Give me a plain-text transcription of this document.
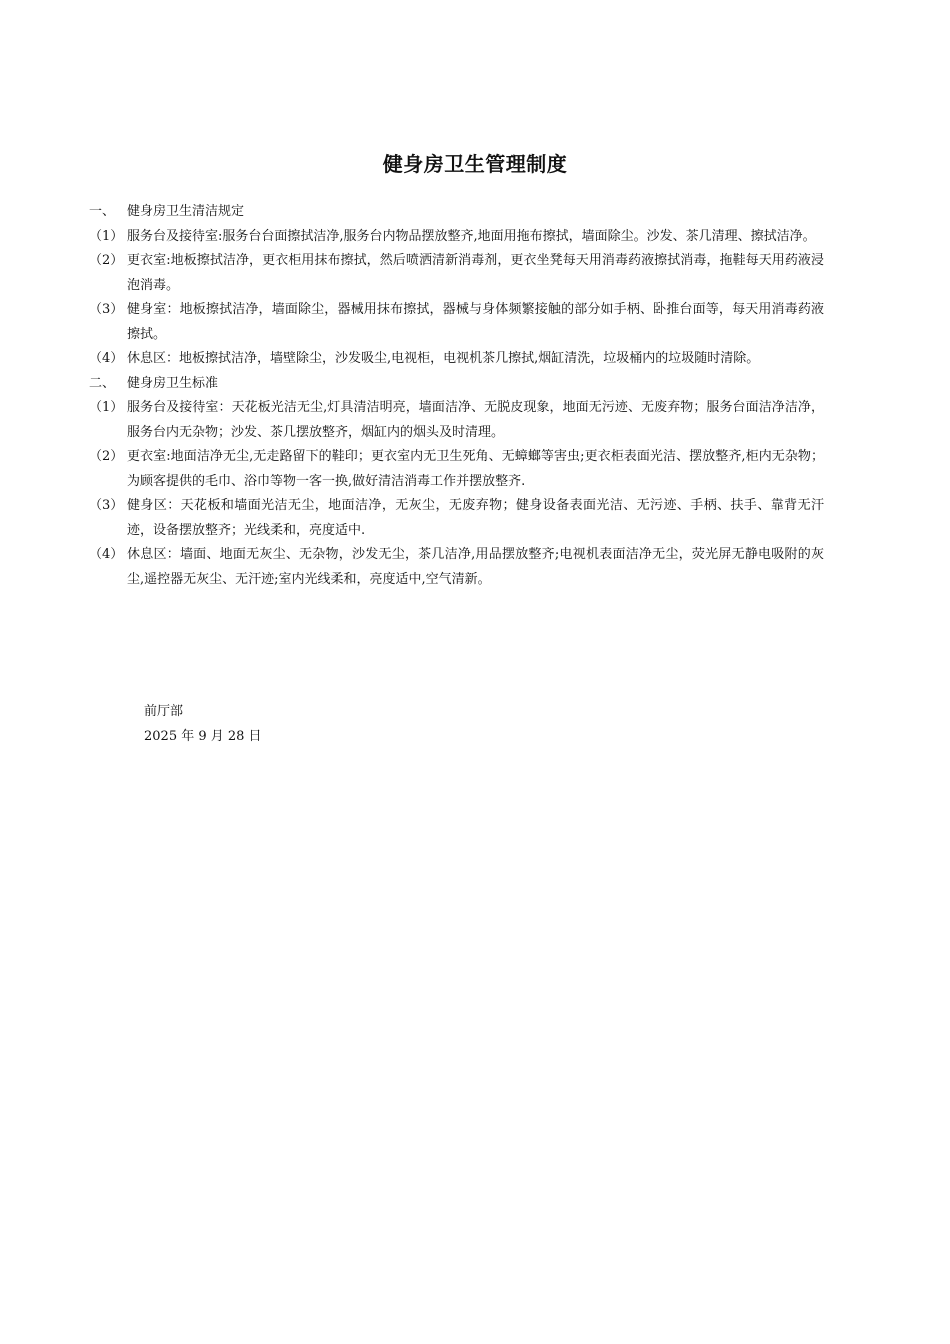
健身房卫生管理制度
一、 健身房卫生清洁规定
（1） 服务台及接待室:服务台台面擦拭洁净,服务台内物品摆放整齐,地面用拖布擦拭，墙面除尘。沙发、茶几清理、擦拭洁净。
（2） 更衣室:地板擦拭洁净，更衣柜用抹布擦拭，然后喷洒清新消毒剂，更衣坐凳每天用消毒药液擦拭消毒，拖鞋每天用药液浸泡消毒。
（3） 健身室：地板擦拭洁净，墙面除尘，器械用抹布擦拭，器械与身体频繁接触的部分如手柄、卧推台面等，每天用消毒药液擦拭。
（4） 休息区：地板擦拭洁净，墙壁除尘，沙发吸尘,电视柜，电视机茶几擦拭,烟缸清洗，垃圾桶内的垃圾随时清除。
二、 健身房卫生标准
（1） 服务台及接待室：天花板光洁无尘,灯具清洁明亮，墙面洁净、无脱皮现象，地面无污迹、无废弃物；服务台面洁净洁净，服务台内无杂物；沙发、茶几摆放整齐，烟缸内的烟头及时清理。
（2） 更衣室:地面洁净无尘,无走路留下的鞋印；更衣室内无卫生死角、无蟑螂等害虫;更衣柜表面光洁、摆放整齐,柜内无杂物；为顾客提供的毛巾、浴巾等物一客一换,做好清洁消毒工作并摆放整齐.
（3） 健身区：天花板和墙面光洁无尘，地面洁净，无灰尘，无废弃物；健身设备表面光洁、无污迹、手柄、扶手、靠背无汗迹，设备摆放整齐；光线柔和，亮度适中.
（4） 休息区：墙面、地面无灰尘、无杂物，沙发无尘，茶几洁净,用品摆放整齐;电视机表面洁净无尘，荧光屏无静电吸附的灰尘,遥控器无灰尘、无汗迹;室内光线柔和，亮度适中,空气清新。
前厅部
2025 年 9 月 28 日
